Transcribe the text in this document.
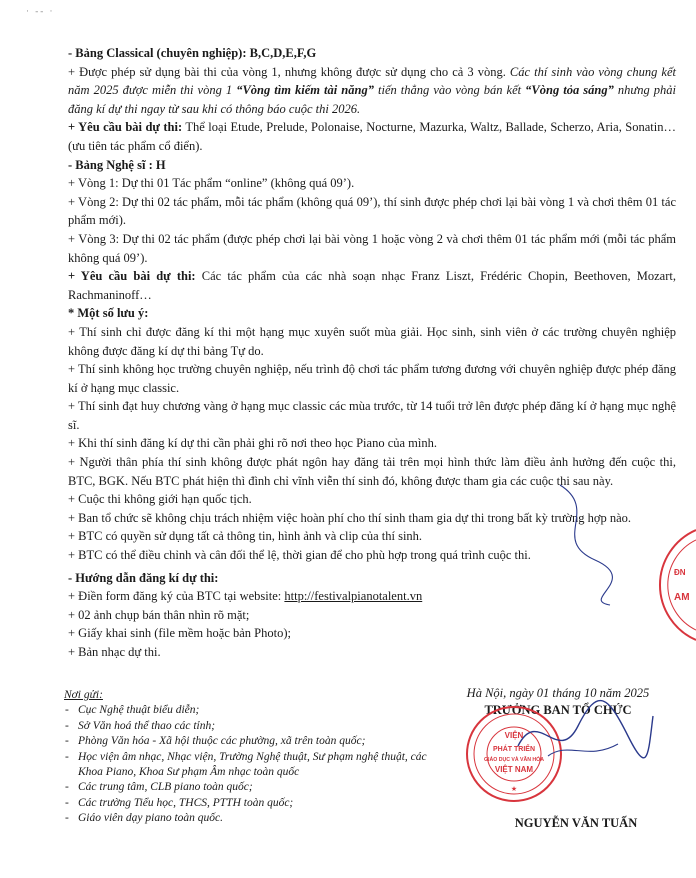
· -- ·

- Bảng Classical (chuyên nghiệp): B,C,D,E,F,G

+ Được phép sử dụng bài thi của vòng 1, nhưng không được sử dụng cho cả 3 vòng. Các thí sinh vào vòng chung kết năm 2025 được miễn thi vòng 1 “Vòng tìm kiếm tài năng” tiến thẳng vào vòng bán kết “Vòng tỏa sáng” nhưng phải đăng kí dự thi ngay từ sau khi có thông báo cuộc thi 2026.

+ Yêu cầu bài dự thi: Thể loại Etude, Prelude, Polonaise, Nocturne, Mazurka, Waltz, Ballade, Scherzo, Aria, Sonatin…(ưu tiên tác phẩm cổ điển).

- Bảng Nghệ sĩ : H

+ Vòng 1: Dự thi 01 Tác phẩm “online” (không quá 09’).

+ Vòng 2: Dự thi 02 tác phẩm, mỗi tác phẩm (không quá 09’), thí sinh được phép chơi lại bài vòng 1 và chơi thêm 01 tác phẩm mới).

+ Vòng 3: Dự thi 02 tác phẩm (được phép chơi lại bài vòng 1 hoặc vòng 2 và chơi thêm 01 tác phẩm mới (mỗi tác phẩm không quá 09’).

+ Yêu cầu bài dự thi: Các tác phẩm của các nhà soạn nhạc Franz Liszt, Frédéric Chopin, Beethoven, Mozart, Rachmaninoff…

* Một số lưu ý:

+ Thí sinh chỉ được đăng kí thi một hạng mục xuyên suốt mùa giải. Học sinh, sinh viên ở các trường chuyên nghiệp không được đăng kí dự thi bảng Tự do.

+ Thí sinh không học trường chuyên nghiệp, nếu trình độ chơi tác phẩm tương đương với chuyên nghiệp được phép đăng kí ở hạng mục classic.

+ Thí sinh đạt huy chương vàng ở hạng mục classic các mùa trước, từ 14 tuổi trở lên được phép đăng kí ở hạng mục nghệ sĩ.

+ Khi thí sinh đăng kí dự thi cần phải ghi rõ nơi theo học Piano của mình.

+ Người thân phía thí sinh không được phát ngôn hay đăng tải trên mọi hình thức làm điều ảnh hưởng đến cuộc thi, BTC, BGK. Nếu BTC phát hiện thì đình chỉ vĩnh viễn thí sinh đó, không được tham gia các cuộc thi sau này.

+ Cuộc thi không giới hạn quốc tịch.

+ Ban tổ chức sẽ không chịu trách nhiệm việc hoàn phí cho thí sinh tham gia dự thi trong bất kỳ trường hợp nào.

+ BTC có quyền sử dụng tất cả thông tin, hình ảnh và clip của thí sinh.

+ BTC có thể điều chỉnh và cân đối thể lệ, thời gian để cho phù hợp trong quá trình cuộc thi.

- Hướng dẫn đăng kí dự thi:

+ Điền form đăng ký của BTC tại website: http://festivalpianotalent.vn

+ 02 ảnh chụp bán thân nhìn rõ mặt;

+ Giấy khai sinh (file mềm hoặc bản Photo);

+ Bản nhạc dự thi.

Nơi gửi:
- Cục Nghệ thuật biểu diễn;
- Sở Văn hoá thể thao các tỉnh;
- Phòng Văn hóa - Xã hội thuộc các phường, xã trên toàn quốc;
- Học viện âm nhạc, Nhạc viện, Trường Nghệ thuật, Sư phạm nghệ thuật, các Khoa Piano, Khoa Sư phạm Âm nhạc toàn quốc
- Các trung tâm, CLB piano toàn quốc;
- Các trường Tiểu học, THCS, PTTH toàn quốc;
- Giáo viên dạy piano toàn quốc.
Hà Nội, ngày 01 tháng 10 năm 2025
TRƯỞNG BAN TỔ CHỨC
VIỆN
PHÁT TRIỂN
GIÁO DỤC VÀ VĂN HÓA
VIỆT NAM
★
NGUYỄN VĂN TUẤN
ĐN
AM
